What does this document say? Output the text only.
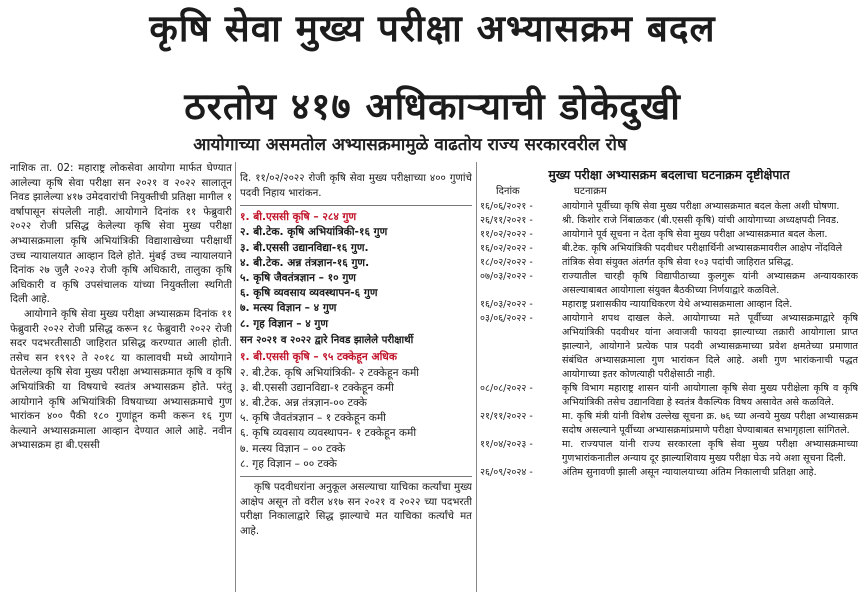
कृषि सेवा मुख्य परीक्षा अभ्यासक्रम बदल
ठरतोय ४१७ अधिकाऱ्याची डोकेदुखी
आयोगाच्या असमतोल अभ्यासक्रमामुळे वाढतोय राज्य सरकारवरील रोष

नाशिक ता. 02: महाराष्ट्र लोकसेवा आयोगा मार्फत घेण्यात आलेल्या कृषि सेवा परीक्षा सन २०२१ व २०२२ सालातून निवड झालेल्या ४१७ उमेदवारांची नियुक्तीची प्रतिक्षा मागील १ वर्षापासून संपलेली नाही. आयोगाने दिनांक ११ फेब्रुवारी २०२२ रोजी प्रसिद्ध केलेल्या कृषि सेवा मुख्य परीक्षा अभ्यासक्रमाला कृषि अभियांत्रिकी विद्याशाखेच्या परीक्षार्थी उच्च न्यायालयात आव्हान दिले होते. मुंबई उच्च न्यायालयाने दिनांक २७ जुलै २०२३ रोजी कृषि अधिकारी, तालुका कृषि अधिकारी व कृषि उपसंचालक यांच्या नियुक्तीला स्थगिती दिली आहे.

आयोगाने कृषि सेवा मुख्य परीक्षा अभ्यासक्रम दिनांक ११ फेब्रुवारी २०२२ रोजी प्रसिद्ध करून १८ फेब्रुवारी २०२२ रोजी सदर पदभरतीसाठी जाहिरात प्रसिद्ध करण्यात आली होती. तसेच सन १९९२ ते २०१८ या कालावधी मध्ये आयोगाने घेतलेल्या कृषि सेवा मुख्य परीक्षा अभ्यासक्रमात कृषि व कृषि अभियांत्रिकी या विषयाचे स्वतंत्र अभ्यासक्रम होते. परंतु आयोगाने कृषि अभियांत्रिकी विषयाच्या अभ्यासक्रमाचे गुण भारांकन ४०० पैकी १८० गुणांहून कमी करून १६ गुण केल्याने अभ्यासक्रमाला आव्हान देण्यात आले आहे. नवीन अभ्यासक्रम हा बी.एससी

दि. ११/०२/२०२२ रोजी कृषि सेवा मुख्य परीक्षाच्या ४०० गुणांचे पदवी निहाय भारांकन.

१. बी.एससी कृषि – २८४ गुण
२. बी.टेक. कृषि अभियांत्रिकी-१६ गुण
३. बी.एससी उद्यानविद्या-१६ गुण.
४. बी.टेक. अन्न तंत्रज्ञान-१६ गुण.
५. कृषि जैवतंत्रज्ञान – १० गुण
६. कृषि व्यवसाय व्यवस्थापन-६ गुण
७. मत्स्य विज्ञान – ४ गुण
८. गृह विज्ञान – ४ गुण

सन २०२१ व २०२२ द्वारे निवड झालेले परीक्षार्थी

१. बी.एससी कृषि – ९५ टक्केहून अधिक
२. बी.टेक. कृषि अभियांत्रिकी- २ टक्केहून कमी
३. बी.एससी उद्यानविद्या-१ टक्केहून कमी
४. बी.टेक. अन्न तंत्रज्ञान-०० टक्के
५. कृषि जैवतंत्रज्ञान – १ टक्केहून कमी
६. कृषि व्यवसाय व्यवस्थापन- १ टक्केहून कमी
७. मत्स्य विज्ञान – ०० टक्के
८. गृह विज्ञान – ०० टक्के

कृषि पदवीधरांना अनुकूल असल्याचा याचिका कर्त्यांचा मुख्य आक्षेप असून तो वरील ४१७ सन २०२१ व २०२२ च्या पदभरती परीक्षा निकालाद्वारे सिद्ध झाल्याचे मत याचिका कर्त्यांचे मत आहे.

मुख्य परीक्षा अभ्यासक्रम बदलाचा घटनाक्रम दृष्टीक्षेपात
दिनांक	घटनाक्रम
१६/०६/२०२१ -	आयोगाने पूर्वीच्या कृषि सेवा मुख्य परीक्षा अभ्यासक्रमात बदल केला अशी घोषणा.
२६/११/२०२१ -	श्री. किशोर राजे निंबाळकर (बी.एससी कृषि) यांची आयोगाच्या अध्यक्षपदी निवड.
११/०२/२०२२ -	आयोगाने पूर्व सूचना न देता कृषि सेवा मुख्य परीक्षा अभ्यासक्रमात बदल केला.
१६/०२/२०२२ -	बी.टेक. कृषि अभियांत्रिकी पदवीधर परीक्षार्थिनी अभ्यासक्रमावरील आक्षेप नोंदविले
१८/०२/२०२२ -	तांत्रिक सेवा संयुक्त अंतर्गत कृषि सेवा १०३ पदांची जाहिरात प्रसिद्ध.
०७/०३/२०२२ -	राज्यातील चारही कृषि विद्यापीठाच्या कुलगुरू यांनी अभ्यासक्रम अन्यायकारक असल्याबाबत आयोगाला संयुक्त बैठकीच्या निर्णयाद्वारे कळविले.
१६/०३/२०२२ -	महाराष्ट्र प्रशासकीय न्यायाधिकरण येथे अभ्यासक्रमाला आव्हान दिले.
०३/०६/२०२२ -	आयोगाने शपथ दाखल केले. आयोगाच्या मते पूर्वीच्या अभ्यासक्रमाद्वारे कृषि अभियांत्रिकी पदवीधर यांना अवाजवी फायदा झाल्याच्या तक्रारी आयोगाला प्राप्त झाल्याने, आयोगाने प्रत्येक पात्र पदवी अभ्यासक्रमाच्या प्रवेश क्षमतेच्या प्रमाणात संबंधित अभ्यासक्रमाला गुण भारांकन दिले आहे. अशी गुण भारांकनाची पद्धत आयोगाच्या इतर कोणत्याही परीक्षेसाठी नाही.
०८/०८/२०२२ -	कृषि विभाग महाराष्ट्र शासन यांनी आयोगाला कृषि सेवा मुख्य परीक्षेला कृषि व कृषि अभियांत्रिकी तसेच उद्यानविद्या हे स्वतंत्र वैकल्पिक विषय असावेत असे कळविले.
२१/११/२०२२ -	मा. कृषि मंत्री यांनी विशेष उल्लेख सूचना क्र. ७६ च्या अन्वये मुख्य परीक्षा अभ्यासक्रम सदोष असल्याने पूर्वीच्या अभ्यासक्रमांप्रमाणे परीक्षा घेण्याबाबत सभागृहाला सांगितले.
११/०४/२०२३ -	मा. राज्यपाल यांनी राज्य सरकारला कृषि सेवा मुख्य परीक्षा अभ्यासक्रमाच्या गुणभारांकनातील अन्याय दूर झाल्याशिवाय मुख्य परीक्षा घेऊ नये अशा सूचना दिली.
२६/०९/२०२४ -	अंतिम सुनावणी झाली असून न्यायालयाच्या अंतिम निकालाची प्रतिक्षा आहे.
